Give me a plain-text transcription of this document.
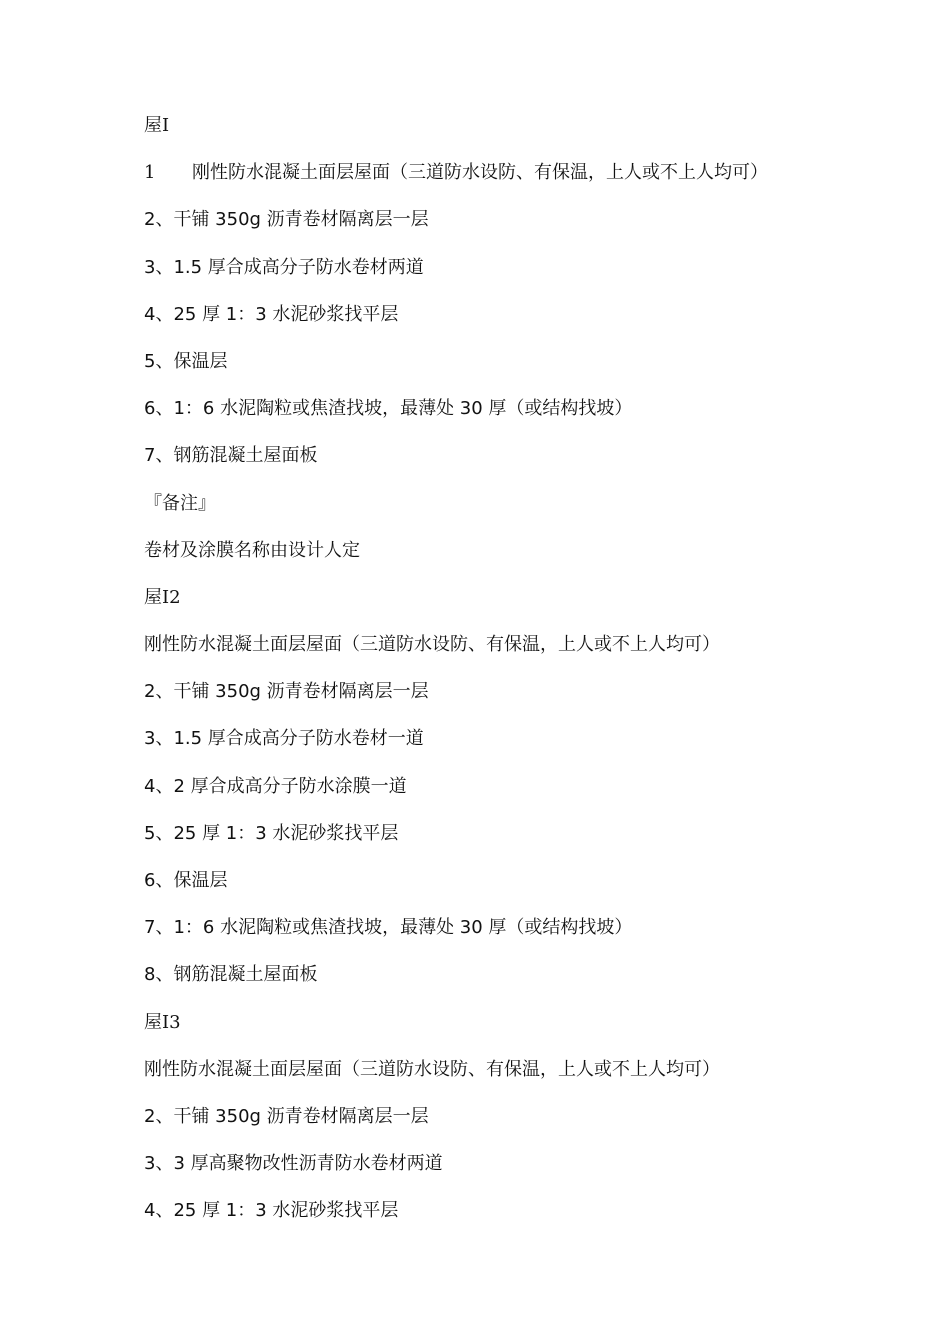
屋Ⅰ
1 刚性防水混凝土面层屋面（三道防水设防、有保温，上人或不上人均可）
2、干铺 350g 沥青卷材隔离层一层
3、1.5 厚合成高分子防水卷材两道
4、25 厚 1：3 水泥砂浆找平层
5、保温层
6、1：6 水泥陶粒或焦渣找坡，最薄处 30 厚（或结构找坡）
7、钢筋混凝土屋面板
『备注』
卷材及涂膜名称由设计人定
屋Ⅰ2
刚性防水混凝土面层屋面（三道防水设防、有保温，上人或不上人均可）
2、干铺 350g 沥青卷材隔离层一层
3、1.5 厚合成高分子防水卷材一道
4、2 厚合成高分子防水涂膜一道
5、25 厚 1：3 水泥砂浆找平层
6、保温层
7、1：6 水泥陶粒或焦渣找坡，最薄处 30 厚（或结构找坡）
8、钢筋混凝土屋面板
屋Ⅰ3
刚性防水混凝土面层屋面（三道防水设防、有保温，上人或不上人均可）
2、干铺 350g 沥青卷材隔离层一层
3、3 厚高聚物改性沥青防水卷材两道
4、25 厚 1：3 水泥砂浆找平层
